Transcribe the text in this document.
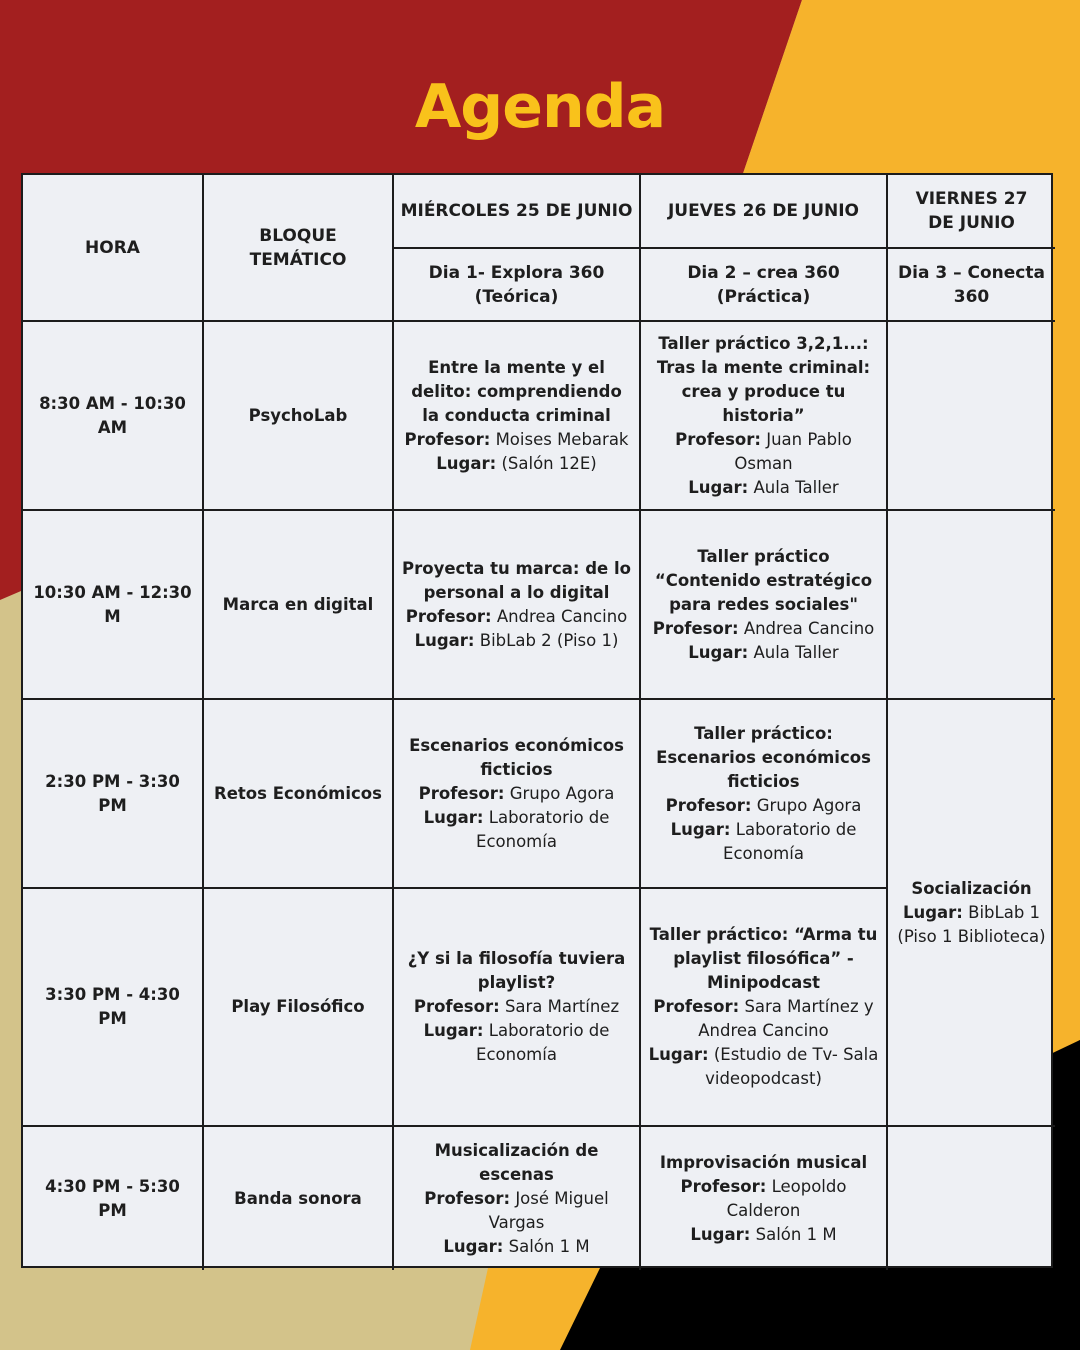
Agenda
HORA
BLOQUE TEMÁTICO
MIÉRCOLES 25 DE JUNIO	JUEVES 26 DE JUNIO
VIERNES 27 DE JUNIO
Dia 1- Explora 360 (Teórica)
Dia 2 – crea 360 (Práctica)
Dia 3 – Conecta 360
8:30 AM - 10:30 AM
PsychoLab
Entre la mente y el delito: comprendiendo la conducta criminal
Profesor: Moises Mebarak
Lugar: (Salón 12E)
Taller práctico 3,2,1...: Tras la mente criminal: crea y produce tu historia”
Profesor: Juan Pablo Osman
Lugar: Aula Taller
10:30 AM - 12:30 M
Marca en digital
Proyecta tu marca: de lo personal a lo digital
Profesor: Andrea Cancino
Lugar: BibLab 2 (Piso 1)
Taller práctico “Contenido estratégico para redes sociales"
Profesor: Andrea Cancino
Lugar: Aula Taller
2:30 PM - 3:30 PM
Retos Económicos
Escenarios económicos ficticios
Profesor: Grupo Agora
Lugar: Laboratorio de Economía
Taller práctico: Escenarios económicos ficticios
Profesor: Grupo Agora
Lugar: Laboratorio de Economía
Socialización
Lugar: BibLab 1 (Piso 1 Biblioteca)
3:30 PM - 4:30 PM
Play Filosófico
¿Y si la filosofía tuviera playlist?
Profesor: Sara Martínez
Lugar: Laboratorio de Economía
Taller práctico: “Arma tu playlist filosófica” - Minipodcast
Profesor: Sara Martínez y Andrea Cancino
Lugar: (Estudio de Tv- Sala videopodcast)
4:30 PM - 5:30 PM
Banda sonora
Musicalización de escenas
Profesor: José Miguel Vargas
Lugar: Salón 1 M
Improvisación musical
Profesor: Leopoldo Calderon
Lugar: Salón 1 M
